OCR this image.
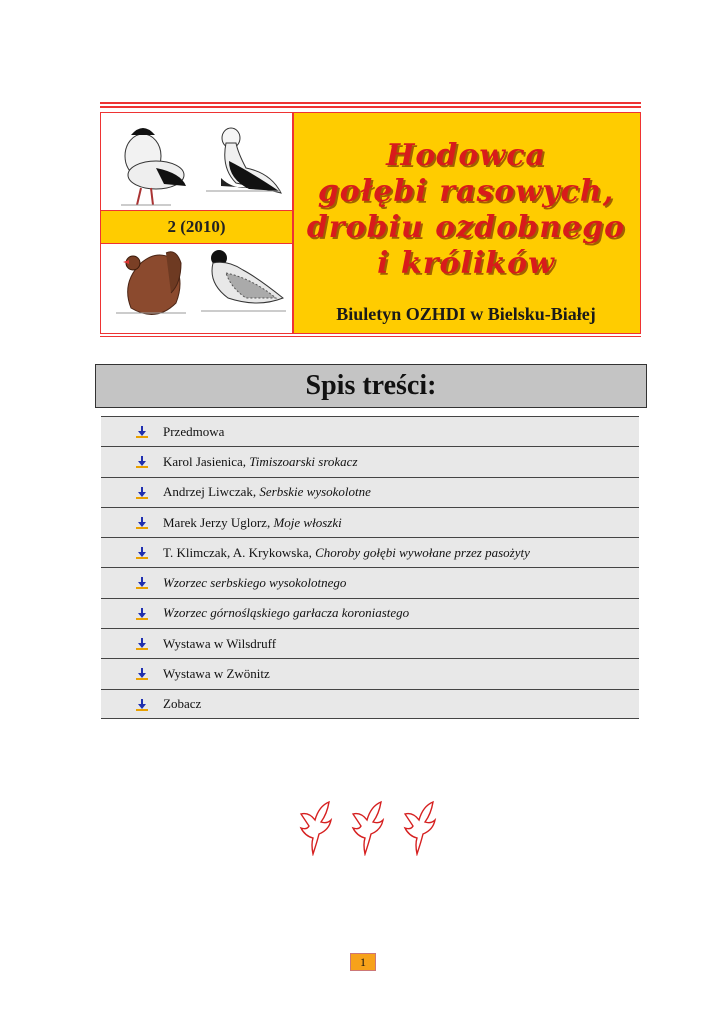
2 (2010)
Hodowca
gołębi rasowych,
drobiu ozdobnego
i królików
Biuletyn OZHDI w Bielsku-Białej
Spis treści:
Przedmowa
Karol Jasienica, Timiszoarski srokacz
Andrzej Liwczak, Serbskie wysokolotne
Marek Jerzy Uglorz, Moje włoszki
T. Klimczak, A. Krykowska, Choroby gołębi wywołane przez pasożyty
Wzorzec serbskiego wysokolotnego
Wzorzec górnośląskiego garłacza koroniastego
Wystawa w Wilsdruff
Wystawa w Zwönitz
Zobacz
1
